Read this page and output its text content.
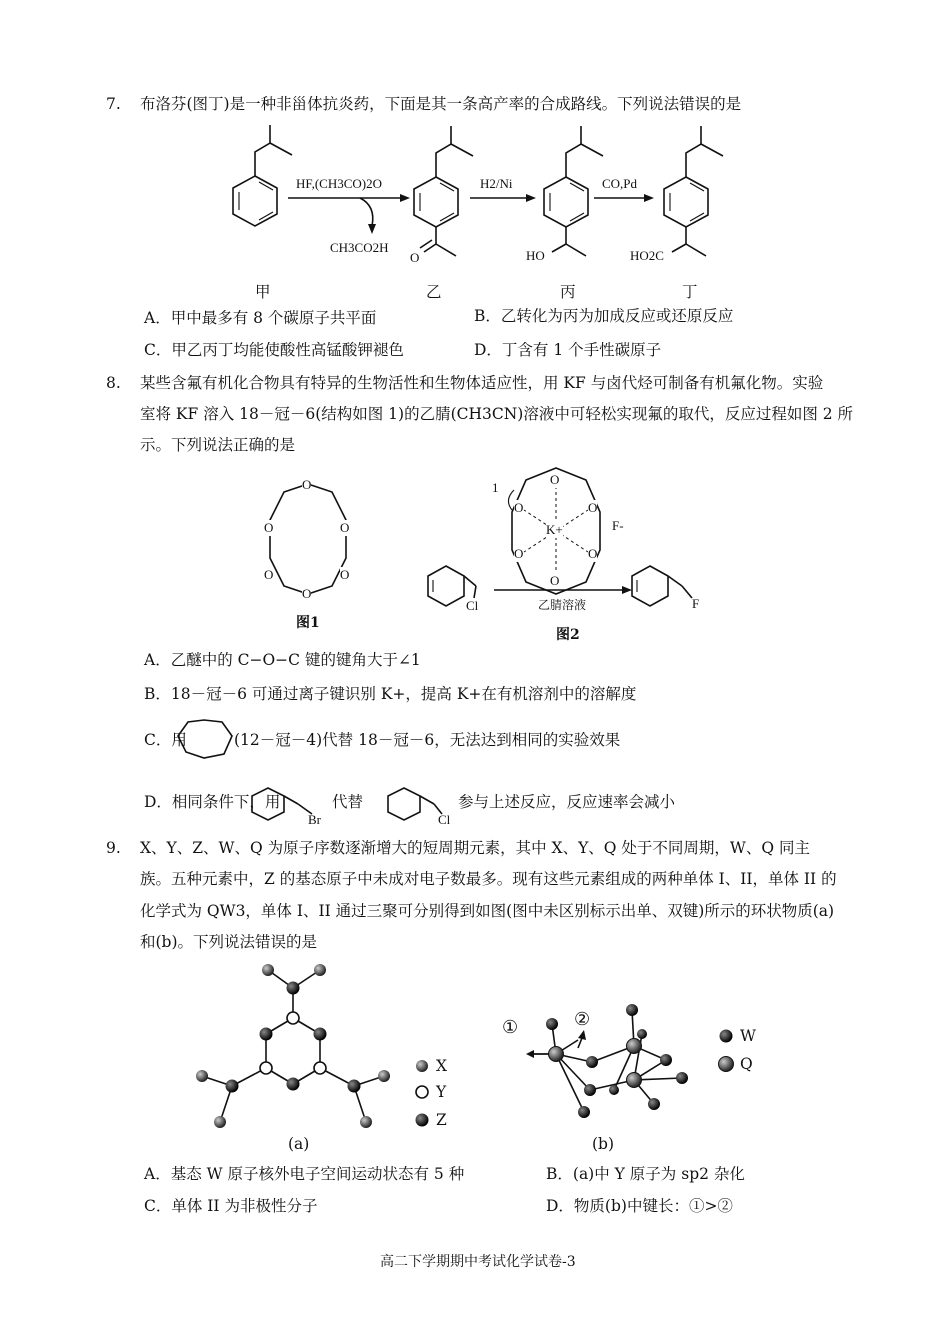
7. 布洛芬(图丁)是一种非甾体抗炎药，下面是其一条高产率的合成路线。下列说法错误的是
HF,(CH3CO)2O
CH3CO2H
H2/Ni	CO,Pd
O	HO	HO2C
甲	乙	丙	丁
A．甲中最多有 8 个碳原子共平面	B．乙转化为丙为加成反应或还原反应
C．甲乙丙丁均能使酸性高锰酸钾褪色	D．丁含有 1 个手性碳原子
8. 某些含氟有机化合物具有特异的生物活性和生物体适应性，用 KF 与卤代烃可制备有机氟化物。实验
室将 KF 溶入 18－冠－6(结构如图 1)的乙腈(CH3CN)溶液中可轻松实现氟的取代，反应过程如图 2 所
示。下列说法正确的是
O
O
O
O
O
O
图1
O
O
O
O
O
O
K+	F-
1
Cl	乙腈溶液	F
图2
A．乙醚中的 C−O−C 键的键角大于∠1
B．18－冠－6 可通过离子键识别 K+，提高 K+在有机溶剂中的溶解度
C．用	(12－冠－4)代替 18－冠－6，无法达到相同的实验效果
D．相同条件下，用
Br
代替
Cl
参与上述反应，反应速率会减小
9. X、Y、Z、W、Q 为原子序数逐渐增大的短周期元素，其中 X、Y、Q 处于不同周期，W、Q 同主
族。五种元素中，Z 的基态原子中未成对电子数最多。现有这些元素组成的两种单体 I、II，单体 II 的
化学式为 QW3，单体 I、II 通过三聚可分别得到如图(图中未区别标示出单、双键)所示的环状物质(a)
和(b)。下列说法错误的是
X
Y
Z
W
Q
①	②
(a)	(b)
A．基态 W 原子核外电子空间运动状态有 5 种	B．(a)中 Y 原子为 sp2 杂化
C．单体 II 为非极性分子	D．物质(b)中键长：①>②
高二下学期期中考试化学试卷-3
